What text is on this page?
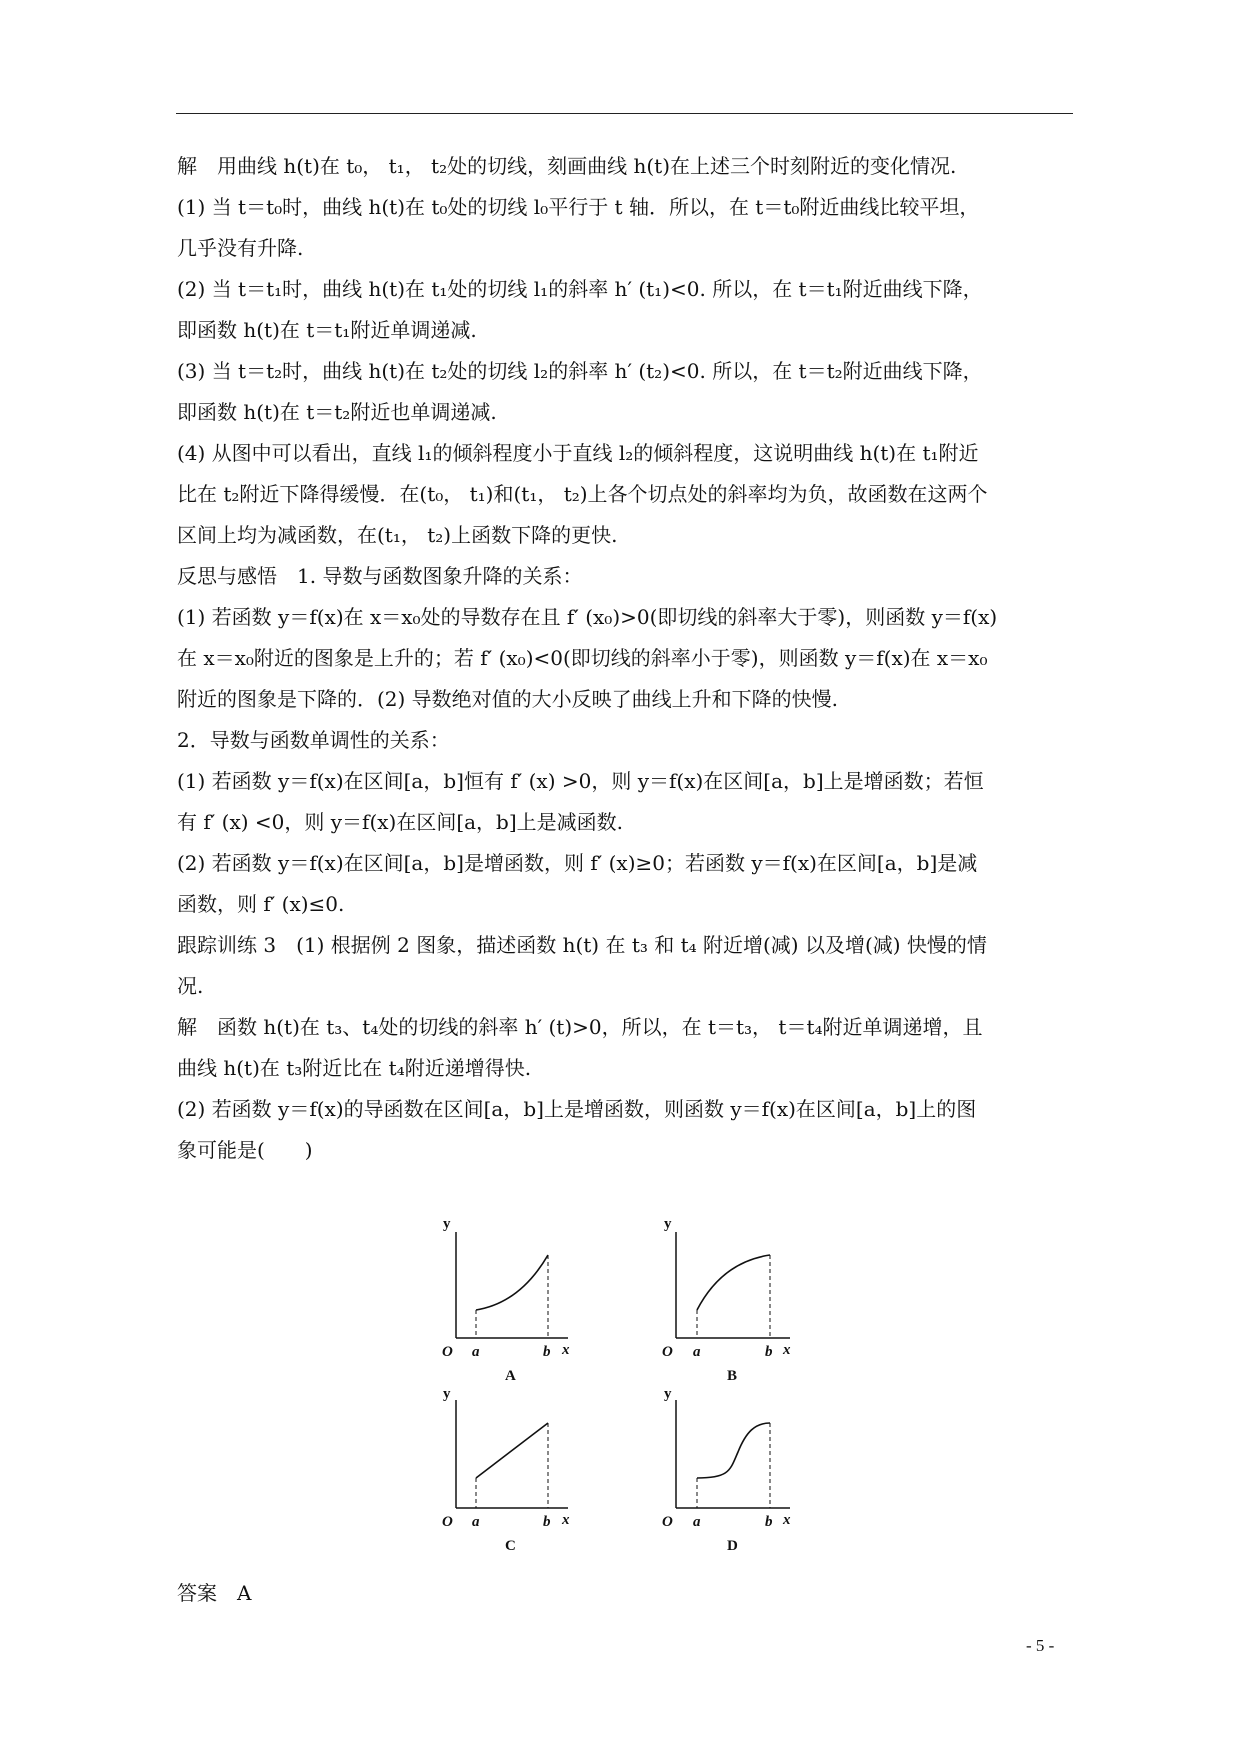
解　 用曲线 h(t)在 t₀， t₁， t₂处的切线，刻画曲线 h(t)在上述三个时刻附近的变化情况.

(1) 当 t＝t₀时，曲线 h(t)在 t₀处的切线 l₀平行于 t 轴．所以，在 t＝t₀附近曲线比较平坦，

几乎没有升降.

(2) 当 t＝t₁时，曲线 h(t)在 t₁处的切线 l₁的斜率 h′ (t₁)<0. 所以，在 t＝t₁附近曲线下降，

即函数 h(t)在 t＝t₁附近单调递减.

(3) 当 t＝t₂时，曲线 h(t)在 t₂处的切线 l₂的斜率 h′ (t₂)<0. 所以，在 t＝t₂附近曲线下降，

即函数 h(t)在 t＝t₂附近也单调递减.

(4) 从图中可以看出，直线 l₁的倾斜程度小于直线 l₂的倾斜程度，这说明曲线 h(t)在 t₁附近

比在 t₂附近下降得缓慢．在(t₀， t₁)和(t₁， t₂)上各个切点处的斜率均为负，故函数在这两个

区间上均为减函数，在(t₁， t₂)上函数下降的更快.

反思与感悟　 1. 导数与函数图象升降的关系：

(1) 若函数 y＝f(x)在 x＝x₀处的导数存在且 f′ (x₀)>0(即切线的斜率大于零)，则函数 y＝f(x)

在 x＝x₀附近的图象是上升的；若 f′ (x₀)<0(即切线的斜率小于零)，则函数 y＝f(x)在 x＝x₀

附近的图象是下降的．(2) 导数绝对值的大小反映了曲线上升和下降的快慢.

2．导数与函数单调性的关系：

(1) 若函数 y＝f(x)在区间[a，b]恒有 f′ (x) >0，则 y＝f(x)在区间[a，b]上是增函数；若恒

有 f′ (x) <0，则 y＝f(x)在区间[a，b]上是减函数.

(2) 若函数 y＝f(x)在区间[a，b]是增函数，则 f′ (x)≥0；若函数 y＝f(x)在区间[a，b]是减

函数，则 f′ (x)≤0.

跟踪训练 3　 (1) 根据例 2 图象，描述函数 h(t) 在 t₃ 和 t₄ 附近增(减) 以及增(减) 快慢的情

况.

解　 函数 h(t)在 t₃、t₄处的切线的斜率 h′ (t)>0，所以，在 t＝t₃， t＝t₄附近单调递增，且

曲线 h(t)在 t₃附近比在 t₄附近递增得快.

(2) 若函数 y＝f(x)的导函数在区间[a，b]上是增函数，则函数 y＝f(x)在区间[a，b]上的图

象可能是(　　)

y
O a	b x
A
y
O a	b x
B
y
O a	b x
C
y
O a	b x
D
答案　 A
- 5 -
